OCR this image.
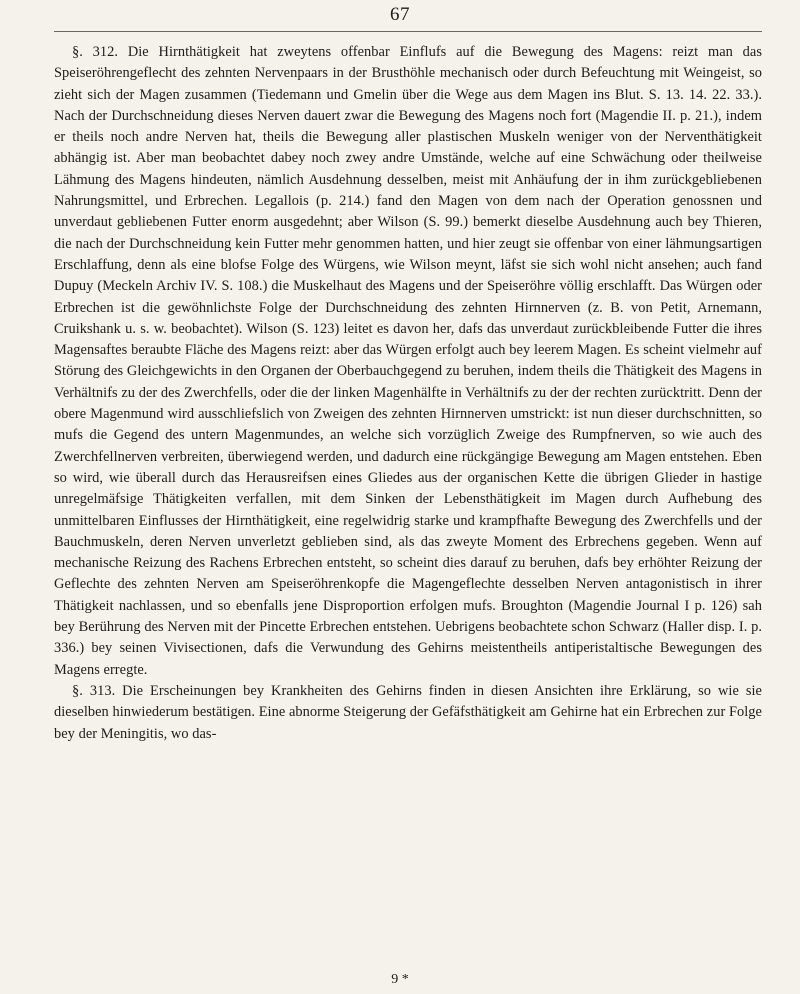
67

§. 312. Die Hirnthätigkeit hat zweytens offenbar Einflufs auf die Bewegung des Magens: reizt man das Speiseröhrengeflecht des zehnten Nervenpaars in der Brusthöhle mechanisch oder durch Befeuchtung mit Weingeist, so zieht sich der Magen zusammen (Tiedemann und Gmelin über die Wege aus dem Magen ins Blut. S. 13. 14. 22. 33.). Nach der Durchschneidung dieses Nerven dauert zwar die Bewegung des Magens noch fort (Magendie II. p. 21.), indem er theils noch andre Nerven hat, theils die Bewegung aller plastischen Muskeln weniger von der Nerventhätigkeit abhängig ist. Aber man beobachtet dabey noch zwey andre Umstände, welche auf eine Schwächung oder theilweise Lähmung des Magens hindeuten, nämlich Ausdehnung desselben, meist mit Anhäufung der in ihm zurückgebliebenen Nahrungsmittel, und Erbrechen. Legallois (p. 214.) fand den Magen von dem nach der Operation genossnen und unverdaut gebliebenen Futter enorm ausgedehnt; aber Wilson (S. 99.) bemerkt dieselbe Ausdehnung auch bey Thieren, die nach der Durchschneidung kein Futter mehr genommen hatten, und hier zeugt sie offenbar von einer lähmungsartigen Erschlaffung, denn als eine blofse Folge des Würgens, wie Wilson meynt, läfst sie sich wohl nicht ansehen; auch fand Dupuy (Meckeln Archiv IV. S. 108.) die Muskelhaut des Magens und der Speiseröhre völlig erschlafft. Das Würgen oder Erbrechen ist die gewöhnlichste Folge der Durchschneidung des zehnten Hirnnerven (z. B. von Petit, Arnemann, Cruikshank u. s. w. beobachtet). Wilson (S. 123) leitet es davon her, dafs das unverdaut zurückbleibende Futter die ihres Magensaftes beraubte Fläche des Magens reizt: aber das Würgen erfolgt auch bey leerem Magen. Es scheint vielmehr auf Störung des Gleichgewichts in den Organen der Oberbauchgegend zu beruhen, indem theils die Thätigkeit des Magens in Verhältnifs zu der des Zwerchfells, oder die der linken Magenhälfte in Verhältnifs zu der der rechten zurücktritt. Denn der obere Magenmund wird ausschliefslich von Zweigen des zehnten Hirnnerven umstrickt: ist nun dieser durchschnitten, so mufs die Gegend des untern Magenmundes, an welche sich vorzüglich Zweige des Rumpfnerven, so wie auch des Zwerchfellnerven verbreiten, überwiegend werden, und dadurch eine rückgängige Bewegung am Magen entstehen. Eben so wird, wie überall durch das Herausreifsen eines Gliedes aus der organischen Kette die übrigen Glieder in hastige unregelmäfsige Thätigkeiten verfallen, mit dem Sinken der Lebensthätigkeit im Magen durch Aufhebung des unmittelbaren Einflusses der Hirnthätigkeit, eine regelwidrig starke und krampfhafte Bewegung des Zwerchfells und der Bauchmuskeln, deren Nerven unverletzt geblieben sind, als das zweyte Moment des Erbrechens gegeben. Wenn auf mechanische Reizung des Rachens Erbrechen entsteht, so scheint dies darauf zu beruhen, dafs bey erhöhter Reizung der Geflechte des zehnten Nerven am Speiseröhrenkopfe die Magengeflechte desselben Nerven antagonistisch in ihrer Thätigkeit nachlassen, und so ebenfalls jene Disproportion erfolgen mufs. Broughton (Magendie Journal I p. 126) sah bey Berührung des Nerven mit der Pincette Erbrechen entstehen. Uebrigens beobachtete schon Schwarz (Haller disp. I. p. 336.) bey seinen Vivisectionen, dafs die Verwundung des Gehirns meistentheils antiperistaltische Bewegungen des Magens erregte.

§. 313. Die Erscheinungen bey Krankheiten des Gehirns finden in diesen Ansichten ihre Erklärung, so wie sie dieselben hinwiederum bestätigen. Eine abnorme Steigerung der Gefäfsthätigkeit am Gehirne hat ein Erbrechen zur Folge bey der Meningitis, wo das-

9 *
